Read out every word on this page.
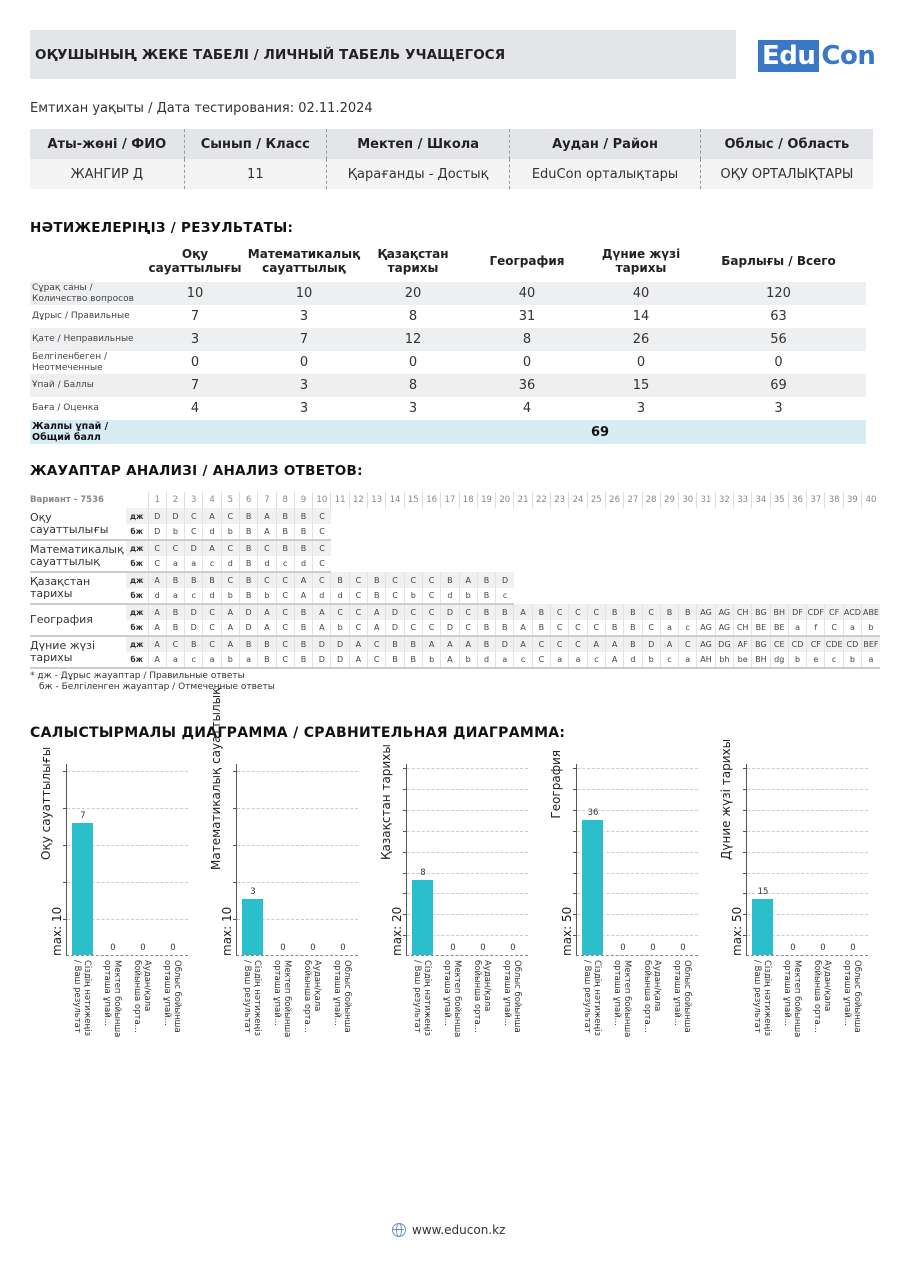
ОҚУШЫНЫҢ ЖЕКЕ ТАБЕЛІ / ЛИЧНЫЙ ТАБЕЛЬ УЧАЩЕГОСЯ	Edu Con
Емтихан уақыты / Дата тестирования: 02.11.2024
Аты-жөні / ФИО	Сынып / Класс	Мектеп / Школа	Аудан / Район	Облыс / Область
ЖАНГИР Д	11	Қарағанды - Достық	EduCon орталықтары	ОҚУ ОРТАЛЫҚТАРЫ
НӘТИЖЕЛЕРІҢІЗ / РЕЗУЛЬТАТЫ:
	Оқу сауаттылығы	Математикалық сауаттылық	Қазақстан тарихы	География	Дүние жүзі тарихы	Барлығы / Всего
Сұрақ саны / Количество вопросов	10	10	20	40	40	120
Дұрыс / Правильные	7	3	8	31	14	63
Қате / Неправильные	3	7	12	8	26	56
Белгіленбеген / Неотмеченные	0	0	0	0	0	0
Ұпай / Баллы	7	3	8	36	15	69
Баға / Оценка	4	3	3	4	3	3
Жалпы ұпай / Общий балл					69	
ЖАУАПТАР АНАЛИЗІ / АНАЛИЗ ОТВЕТОВ:
Вариант - 7536		1	2	3	4	5	6	7	8	9	10	11	12	13	14	15	16	17	18	19	20	21	22	23	24	25	26	27	28	29	30	31	32	33	34	35	36	37	38	39	40
Оқу сауаттылығы	дж	D	D	C	A	C	B	A	B	B	C																														
	бж	D	b	C	d	b	B	A	B	B	C																														
Математикалық сауаттылық	дж	C	C	D	A	C	B	C	B	B	C																														
	бж	C	a	a	c	d	B	d	c	d	C																														
Қазақстан тарихы	дж	A	B	B	B	C	B	C	C	A	C	B	C	B	C	C	C	B	A	B	D																				
	бж	d	a	c	d	b	B	b	C	A	d	d	C	B	C	b	C	d	b	B	c																				
География	дж	A	B	D	C	A	D	A	C	B	A	C	C	A	D	C	C	D	C	B	B	A	B	C	C	C	B	B	C	B	B	AG	AG	CH	BG	BH	DF	CDF	CF	ACD	ABE
	бж	A	B	D	C	A	D	A	C	B	A	b	C	A	D	C	C	D	C	B	B	A	B	C	C	C	B	B	C	a	c	AG	AG	CH	BE	BE	a	f	C	a	b
Дүние жүзі тарихы	дж	A	C	B	C	A	B	B	C	B	D	D	A	C	B	B	A	A	A	B	D	A	C	C	C	A	A	B	D	A	C	AG	DG	AF	BG	CE	CD	CF	CDE	CD	BEF
	бж	A	a	c	a	b	a	B	C	B	D	D	A	C	B	B	b	A	b	d	a	c	C	a	a	c	A	d	b	c	a	AH	bh	be	BH	dg	b	e	c	b	a
* дж - Дұрыс жауаптар / Правильные ответы
бж - Белгіленген жауаптар / Отмеченные ответы
САЛЫСТЫРМАЛЫ ДИАГРАММА / СРАВНИТЕЛЬНАЯ ДИАГРАММА:
Оқу сауаттылығы
max: 10
7
0	0	0
Сіздің нәтижеңіз
/ Ваш результат	Мектеп бойынша
орташа ұпай...	Аудан/қала
бойынша орта...	Облыс бойынша
орташа ұпай...
Математикалық сауаттылық
max: 10
3
0	0	0
Сіздің нәтижеңіз
/ Ваш результат	Мектеп бойынша
орташа ұпай...	Аудан/қала
бойынша орта...	Облыс бойынша
орташа ұпай...
Қазақстан тарихы
max: 20
8
0	0	0
Сіздің нәтижеңіз
/ Ваш результат	Мектеп бойынша
орташа ұпай...	Аудан/қала
бойынша орта...	Облыс бойынша
орташа ұпай...
География
max: 50
36
0	0	0
Сіздің нәтижеңіз
/ Ваш результат	Мектеп бойынша
орташа ұпай...	Аудан/қала
бойынша орта...	Облыс бойынша
орташа ұпай...
Дүние жүзі тарихы
max: 50
15
0	0	0
Сіздің нәтижеңіз
/ Ваш результат	Мектеп бойынша
орташа ұпай...	Аудан/қала
бойынша орта...	Облыс бойынша
орташа ұпай...
www.educon.kz
